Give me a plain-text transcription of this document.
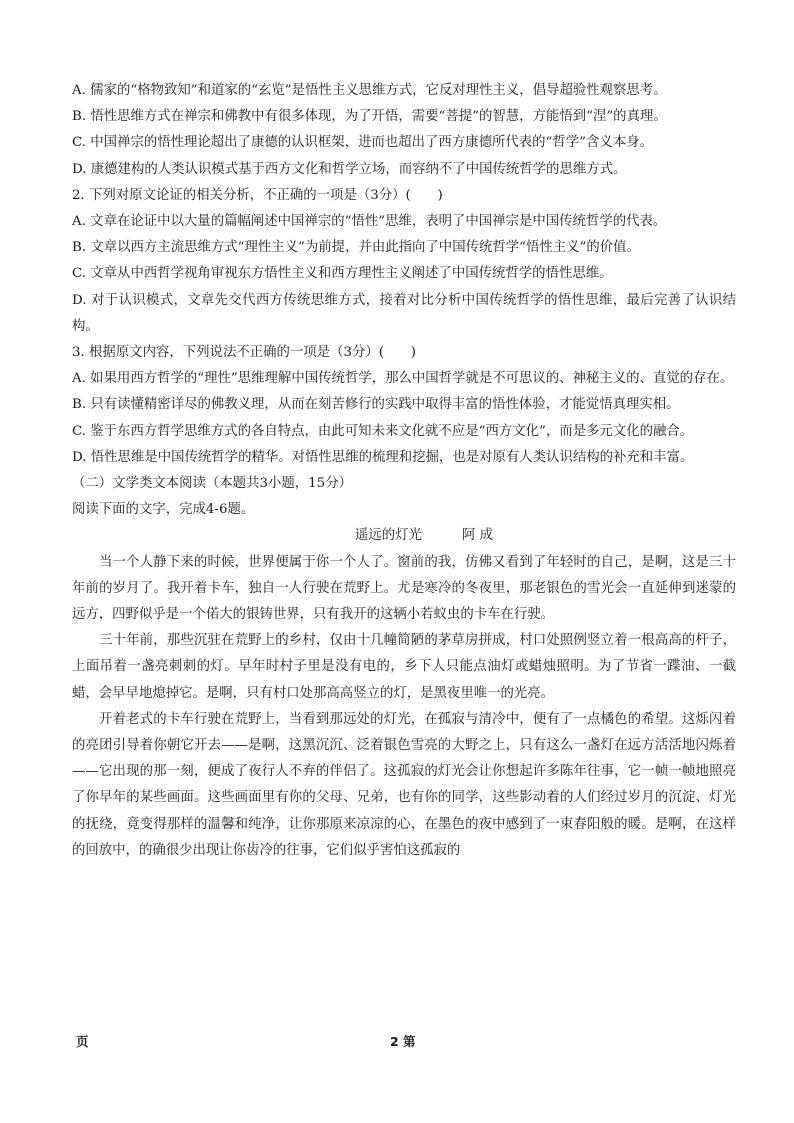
A. 儒家的“格物致知”和道家的“玄览”是悟性主义思维方式，它反对理性主义，倡导超验性观察思考。

B. 悟性思维方式在禅宗和佛教中有很多体现，为了开悟，需要“菩提”的智慧，方能悟到“涅”的真理。

C. 中国禅宗的悟性理论超出了康德的认识框架，进而也超出了西方康德所代表的“哲学”含义本身。

D. 康德建构的人类认识模式基于西方文化和哲学立场，而容纳不了中国传统哲学的思维方式。

2. 下列对原文论证的相关分析，不正确的一项是（3分）(　　)

A. 文章在论证中以大量的篇幅阐述中国禅宗的“悟性”思维，表明了中国禅宗是中国传统哲学的代表。

B. 文章以西方主流思维方式“理性主义”为前提，并由此指向了中国传统哲学“悟性主义”的价值。

C. 文章从中西哲学视角审视东方悟性主义和西方理性主义阐述了中国传统哲学的悟性思维。

D. 对于认识模式，文章先交代西方传统思维方式，接着对比分析中国传统哲学的悟性思维，最后完善了认识结构。

3. 根据原文内容，下列说法不正确的一项是（3分）(　　)

A. 如果用西方哲学的“理性”思维理解中国传统哲学，那么中国哲学就是不可思议的、神秘主义的、直觉的存在。

B. 只有读懂精密详尽的佛教义理，从而在刻苦修行的实践中取得丰富的悟性体验，才能觉悟真理实相。

C. 鉴于东西方哲学思维方式的各自特点，由此可知未来文化就不应是“西方文化”，而是多元文化的融合。

D. 悟性思维是中国传统哲学的精华。对悟性思维的梳理和挖掘，也是对原有人类认识结构的补充和丰富。

（二）文学类文本阅读（本题共3小题，15分）

阅读下面的文字，完成4-6题。

遥远的灯光	阿 成

当一个人静下来的时候，世界便属于你一个人了。窗前的我，仿佛又看到了年轻时的自己，是啊，这是三十年前的岁月了。我开着卡车，独自一人行驶在荒野上。尤是寒冷的冬夜里，那老银色的雪光会一直延伸到迷蒙的远方，四野似乎是一个偌大的银铸世界，只有我开的这辆小若蚁虫的卡车在行驶。

三十年前，那些沉驻在荒野上的乡村，仅由十几幢简陋的茅草房拼成，村口处照例竖立着一根高高的杆子，上面吊着一盏亮刺刺的灯。早年时村子里是没有电的，乡下人只能点油灯或蜡烛照明。为了节省一蹀油、一截蜡，会早早地熄掉它。是啊，只有村口处那高高竖立的灯，是黑夜里唯一的光亮。

开着老式的卡车行驶在荒野上，当看到那远处的灯光，在孤寂与清冷中，便有了一点橘色的希望。这烁闪着的亮团引导着你朝它开去——是啊，这黑沉沉、泛着银色雪亮的大野之上，只有这么一盏灯在远方活活地闪烁着——它出现的那一刻，便成了夜行人不弃的伴侣了。这孤寂的灯光会让你想起许多陈年往事，它一帧一帧地照亮了你早年的某些画面。这些画面里有你的父母、兄弟，也有你的同学，这些影动着的人们经过岁月的沉淀、灯光的抚绕，竟变得那样的温馨和纯净，让你那原来凉凉的心，在墨色的夜中感到了一束春阳般的暖。是啊，在这样的回放中，的确很少出现让你齿冷的往事，它们似乎害怕这孤寂的

页	2 第
